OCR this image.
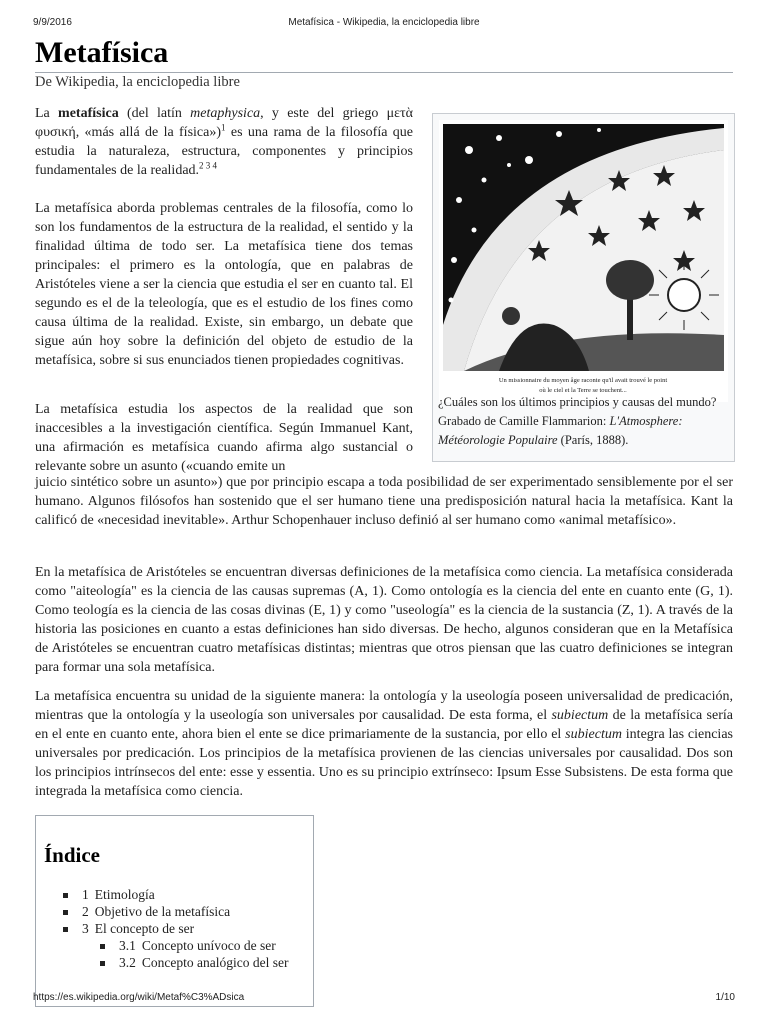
9/9/2016	Metafísica - Wikipedia, la enciclopedia libre
Metafísica
De Wikipedia, la enciclopedia libre

La metafísica (del latín metaphysica, y este del griego μετὰ φυσική, «más allá de la física»)$^1$ es una rama de la filosofía que estudia la naturaleza, estructura, componentes y principios fundamentales de la realidad.$^{2 3 4}$

La metafísica aborda problemas centrales de la filosofía, como lo son los fundamentos de la estructura de la realidad, el sentido y la finalidad última de todo ser. La metafísica tiene dos temas principales: el primero es la ontología, que en palabras de Aristóteles viene a ser la ciencia que estudia el ser en cuanto tal. El segundo es el de la teleología, que es el estudio de los fines como causa última de la realidad. Existe, sin embargo, un debate que sigue aún hoy sobre la definición del objeto de estudio de la metafísica, sobre si sus enunciados tienen propiedades cognitivas.

La metafísica estudia los aspectos de la realidad que son inaccesibles a la investigación científica. Según Immanuel Kant, una afirmación es metafísica cuando afirma algo sustancial o relevante sobre un asunto («cuando emite un

juicio sintético sobre un asunto») que por principio escapa a toda posibilidad de ser experimentado sensiblemente por el ser humano. Algunos filósofos han sostenido que el ser humano tiene una predisposición natural hacia la metafísica. Kant la calificó de «necesidad inevitable». Arthur Schopenhauer incluso definió al ser humano como «animal metafísico».

En la metafísica de Aristóteles se encuentran diversas definiciones de la metafísica como ciencia. La metafísica considerada como "aiteología" es la ciencia de las causas supremas (A, 1). Como ontología es la ciencia del ente en cuanto ente (G, 1). Como teología es la ciencia de las cosas divinas (E, 1) y como "useología" es la ciencia de la sustancia (Z, 1). A través de la historia las posiciones en cuanto a estas definiciones han sido diversas. De hecho, algunos consideran que en la Metafísica de Aristóteles se encuentran cuatro metafísicas distintas; mientras que otros piensan que las cuatro definiciones se integran para formar una sola metafísica.

La metafísica encuentra su unidad de la siguiente manera: la ontología y la useología poseen universalidad de predicación, mientras que la ontología y la useología son universales por causalidad. De esta forma, el subiectum de la metafísica sería en el ente en cuanto ente, ahora bien el ente se dice primariamente de la sustancia, por ello el subiectum integra las ciencias universales por predicación. Los principios de la metafísica provienen de las ciencias universales por causalidad. Dos son los principios intrínsecos del ente: esse y essentia. Uno es su principio extrínseco: Ipsum Esse Subsistens. De esta forma que integrada la metafísica como ciencia.

Un missionnaire du moyen âge raconte qu'il avait trouvé le point
où le ciel et la Terre se touchent...
¿Cuáles son los últimos principios y causas del mundo? Grabado de Camille Flammarion: L'Atmosphere: Météorologie Populaire (París, 1888).
Índice
1 Etimología
2 Objetivo de la metafísica
3 El concepto de ser
3.1 Concepto unívoco de ser
3.2 Concepto analógico del ser
https://es.wikipedia.org/wiki/Metaf%C3%ADsica	1/10
